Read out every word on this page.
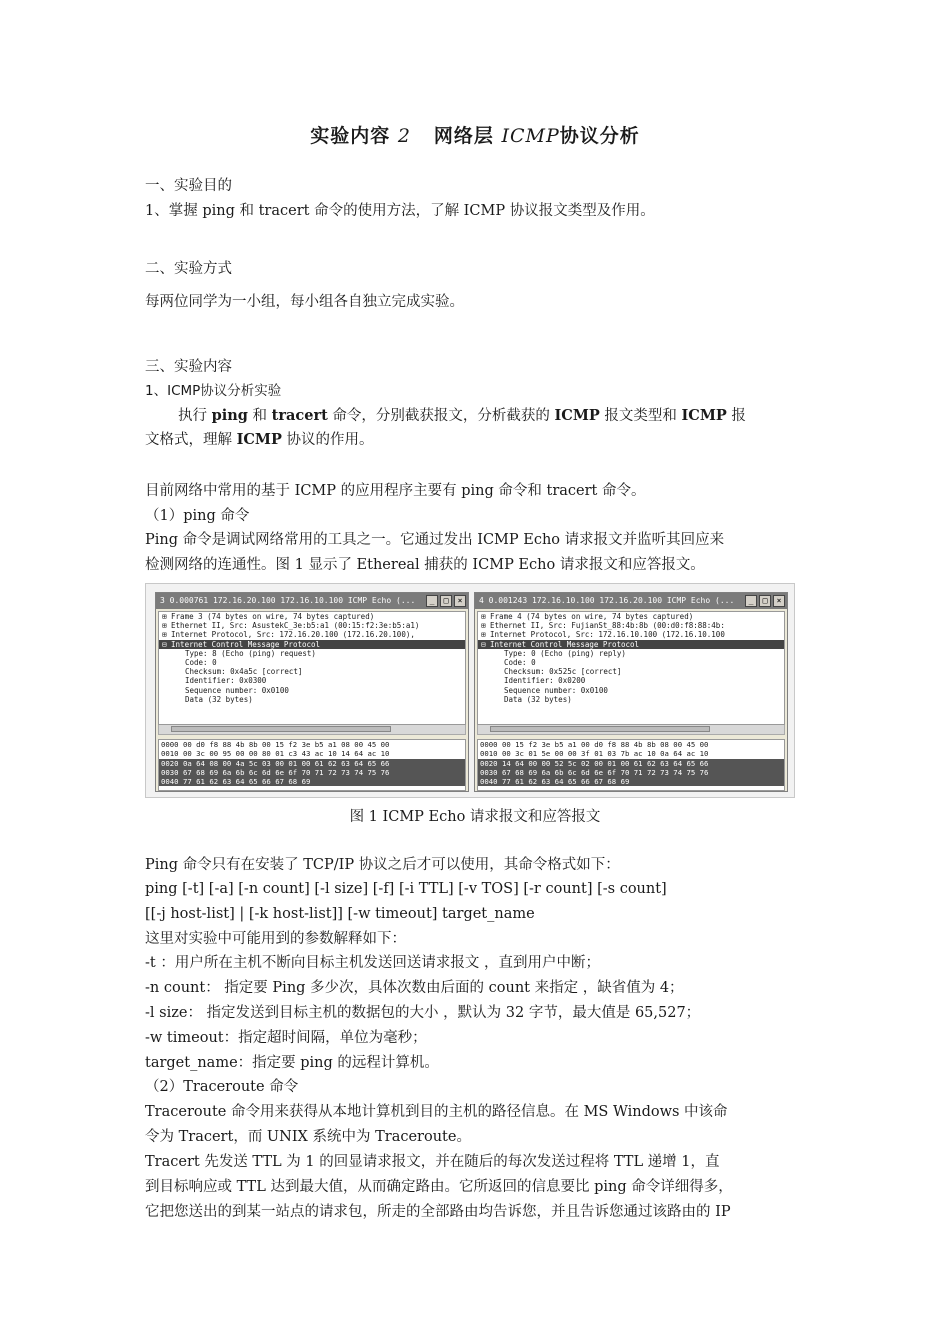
实验内容 2 网络层 ICMP协议分析
一、实验目的
1、掌握 ping 和 tracert 命令的使用方法，了解 ICMP 协议报文类型及作用。
二、实验方式
每两位同学为一小组，每小组各自独立完成实验。
三、实验内容
1、ICMP协议分析实验
执行 ping 和 tracert 命令，分别截获报文，分析截获的 ICMP 报文类型和 ICMP 报
文格式，理解 ICMP 协议的作用。
目前网络中常用的基于 ICMP 的应用程序主要有 ping 命令和 tracert 命令。
（1）ping 命令
Ping 命令是调试网络常用的工具之一。它通过发出 ICMP Echo 请求报文并监听其回应来
检测网络的连通性。图 1 显示了 Ethereal 捕获的 ICMP Echo 请求报文和应答报文。
3 0.000761 172.16.20.100 172.16.10.100 ICMP Echo (...	_	□	×
⊞ Frame 3 (74 bytes on wire, 74 bytes captured)
⊞ Ethernet II, Src: AsustekC_3e:b5:a1 (00:15:f2:3e:b5:a1)
⊞ Internet Protocol, Src: 172.16.20.100 (172.16.20.100),
⊟ Internet Control Message Protocol
Type: 8 (Echo (ping) request)
Code: 0
Checksum: 0x4a5c [correct]
Identifier: 0x0300
Sequence number: 0x0100
Data (32 bytes)
0000 00 d0 f8 88 4b 8b 00 15 f2 3e b5 a1 08 00 45 00
0010 00 3c 00 95 00 00 80 01 c3 43 ac 10 14 64 ac 10
0020 0a 64 08 00 4a 5c 03 00 01 00 61 62 63 64 65 66
0030 67 68 69 6a 6b 6c 6d 6e 6f 70 71 72 73 74 75 76
0040 77 61 62 63 64 65 66 67 68 69
4 0.001243 172.16.10.100 172.16.20.100 ICMP Echo (...	_	□	×
⊞ Frame 4 (74 bytes on wire, 74 bytes captured)
⊞ Ethernet II, Src: FujianSt_88:4b:8b (00:d0:f8:88:4b:
⊞ Internet Protocol, Src: 172.16.10.100 (172.16.10.100
⊟ Internet Control Message Protocol
Type: 0 (Echo (ping) reply)
Code: 0
Checksum: 0x525c [correct]
Identifier: 0x0200
Sequence number: 0x0100
Data (32 bytes)
0000 00 15 f2 3e b5 a1 00 d0 f8 88 4b 8b 08 00 45 00
0010 00 3c 01 5e 00 00 3f 01 03 7b ac 10 0a 64 ac 10
0020 14 64 00 00 52 5c 02 00 01 00 61 62 63 64 65 66
0030 67 68 69 6a 6b 6c 6d 6e 6f 70 71 72 73 74 75 76
0040 77 61 62 63 64 65 66 67 68 69
图 1 ICMP Echo 请求报文和应答报文
Ping 命令只有在安装了 TCP/IP 协议之后才可以使用，其命令格式如下：
ping [-t] [-a] [-n count] [-l size] [-f] [-i TTL] [-v TOS] [-r count] [-s count]
[[-j host-list] | [-k host-list]] [-w timeout] target_name
这里对实验中可能用到的参数解释如下：
-t ：用户所在主机不断向目标主机发送回送请求报文 ，直到用户中断；
-n count： 指定要 Ping 多少次，具体次数由后面的 count 来指定 ，缺省值为 4；
-l size： 指定发送到目标主机的数据包的大小 ，默认为 32 字节，最大值是 65,527；
-w timeout：指定超时间隔，单位为毫秒；
target_name：指定要 ping 的远程计算机。
（2）Traceroute 命令
Traceroute 命令用来获得从本地计算机到目的主机的路径信息。在 MS Windows 中该命
令为 Tracert，而 UNIX 系统中为 Traceroute。
Tracert 先发送 TTL 为 1 的回显请求报文，并在随后的每次发送过程将 TTL 递增 1，直
到目标响应或 TTL 达到最大值，从而确定路由。它所返回的信息要比 ping 命令详细得多，
它把您送出的到某一站点的请求包，所走的全部路由均告诉您，并且告诉您通过该路由的 IP
